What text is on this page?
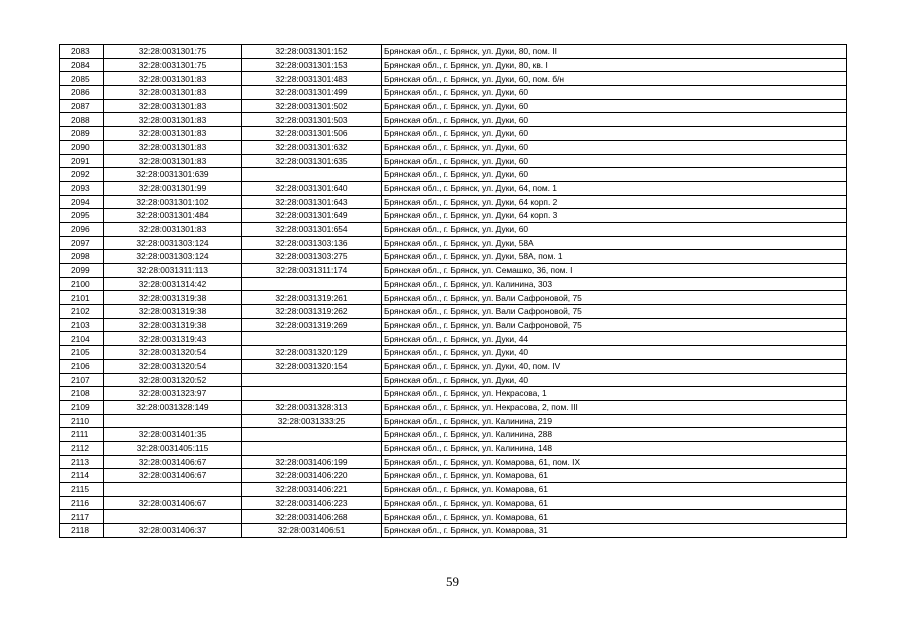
2083	32:28:0031301:75	32:28:0031301:152	Брянская обл., г. Брянск, ул. Дуки, 80, пом. II
2084	32:28:0031301:75	32:28:0031301:153	Брянская обл., г. Брянск, ул. Дуки, 80, кв. I
2085	32:28:0031301:83	32:28:0031301:483	Брянская обл., г. Брянск, ул. Дуки, 60, пом. б/н
2086	32:28:0031301:83	32:28:0031301:499	Брянская обл., г. Брянск, ул. Дуки, 60
2087	32:28:0031301:83	32:28:0031301:502	Брянская обл., г. Брянск, ул. Дуки, 60
2088	32:28:0031301:83	32:28:0031301:503	Брянская обл., г. Брянск, ул. Дуки, 60
2089	32:28:0031301:83	32:28:0031301:506	Брянская обл., г. Брянск, ул. Дуки, 60
2090	32:28:0031301:83	32:28:0031301:632	Брянская обл., г. Брянск, ул. Дуки, 60
2091	32:28:0031301:83	32:28:0031301:635	Брянская обл., г. Брянск, ул. Дуки, 60
2092	32:28:0031301:639		Брянская обл., г. Брянск, ул. Дуки, 60
2093	32:28:0031301:99	32:28:0031301:640	Брянская обл., г. Брянск, ул. Дуки, 64, пом. 1
2094	32:28:0031301:102	32:28:0031301:643	Брянская обл., г. Брянск, ул. Дуки, 64 корп. 2
2095	32:28:0031301:484	32:28:0031301:649	Брянская обл., г. Брянск, ул. Дуки, 64 корп. 3
2096	32:28:0031301:83	32:28:0031301:654	Брянская обл., г. Брянск, ул. Дуки, 60
2097	32:28:0031303:124	32:28:0031303:136	Брянская обл., г. Брянск, ул. Дуки, 58А
2098	32:28:0031303:124	32:28:0031303:275	Брянская обл., г. Брянск, ул. Дуки, 58А, пом. 1
2099	32:28:0031311:113	32:28:0031311:174	Брянская обл., г. Брянск, ул. Семашко, 36, пом. I
2100	32:28:0031314:42		Брянская обл., г. Брянск, ул. Калинина, 303
2101	32:28:0031319:38	32:28:0031319:261	Брянская обл., г. Брянск, ул. Вали Сафроновой, 75
2102	32:28:0031319:38	32:28:0031319:262	Брянская обл., г. Брянск, ул. Вали Сафроновой, 75
2103	32:28:0031319:38	32:28:0031319:269	Брянская обл., г. Брянск, ул. Вали Сафроновой, 75
2104	32:28:0031319:43		Брянская обл., г. Брянск, ул. Дуки, 44
2105	32:28:0031320:54	32:28:0031320:129	Брянская обл., г. Брянск, ул. Дуки, 40
2106	32:28:0031320:54	32:28:0031320:154	Брянская обл., г. Брянск, ул. Дуки, 40, пом. IV
2107	32:28:0031320:52		Брянская обл., г. Брянск, ул. Дуки, 40
2108	32:28:0031323:97		Брянская обл., г. Брянск, ул. Некрасова, 1
2109	32:28:0031328:149	32:28:0031328:313	Брянская обл., г. Брянск, ул. Некрасова, 2, пом. III
2110		32:28:0031333:25	Брянская обл., г. Брянск, ул. Калинина, 219
2111	32:28:0031401:35		Брянская обл., г. Брянск, ул. Калинина, 288
2112	32:28:0031405:115		Брянская обл., г. Брянск, ул. Калинина, 148
2113	32:28:0031406:67	32:28:0031406:199	Брянская обл., г. Брянск, ул. Комарова, 61, пом. IX
2114	32:28:0031406:67	32:28:0031406:220	Брянская обл., г. Брянск, ул. Комарова, 61
2115		32:28:0031406:221	Брянская обл., г. Брянск, ул. Комарова, 61
2116	32:28:0031406:67	32:28:0031406:223	Брянская обл., г. Брянск, ул. Комарова, 61
2117		32:28:0031406:268	Брянская обл., г. Брянск, ул. Комарова, 61
2118	32:28:0031406:37	32:28:0031406:51	Брянская обл., г. Брянск, ул. Комарова, 31
59
